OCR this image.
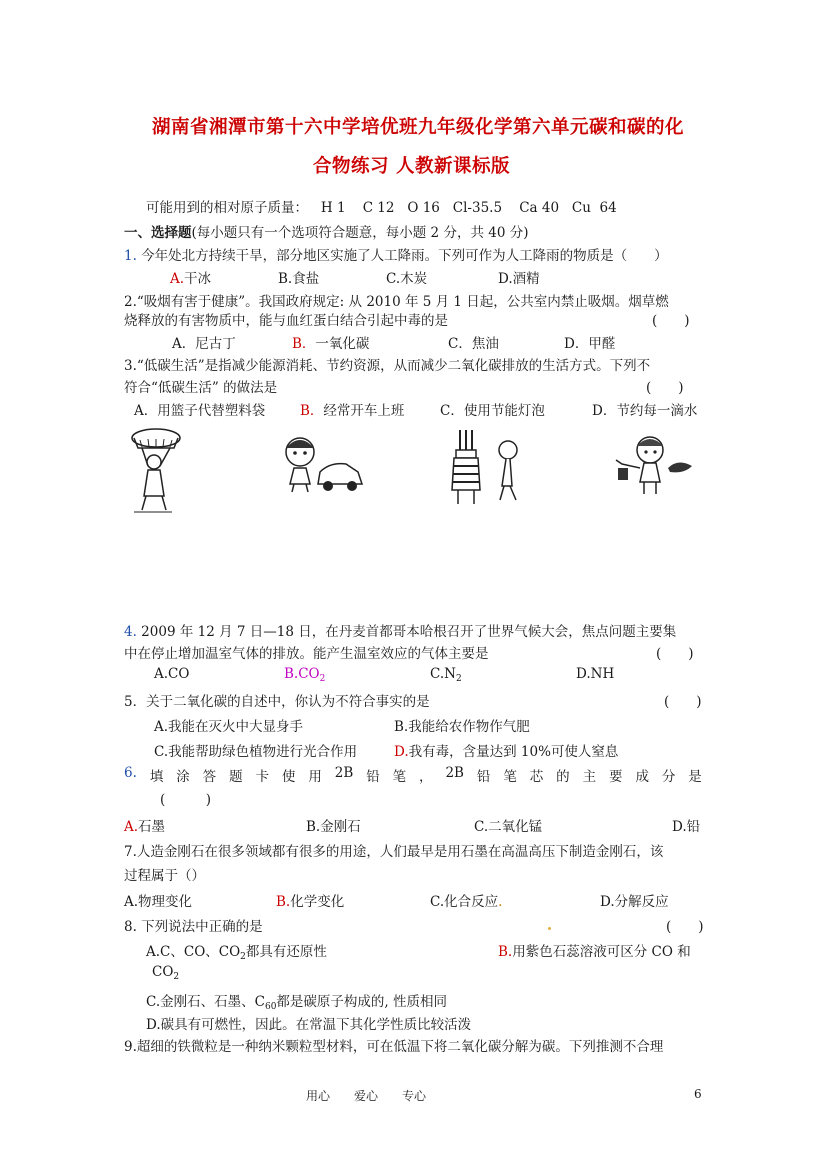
湖南省湘潭市第十六中学培优班九年级化学第六单元碳和碳的化
合物练习 人教新课标版
可能用到的相对原子质量：   H 1    C 12   O 16   Cl-35.5    Ca 40   Cu  64
一、选择题(每小题只有一个选项符合题意，每小题 2 分，共 40 分)
1. 今年处北方持续干旱，部分地区实施了人工降雨。下列可作为人工降雨的物质是（　　）
A.干冰	B.食盐	C.木炭	D.酒精
2.“吸烟有害于健康”。我国政府规定: 从 2010 年 5 月 1 日起，公共室内禁止吸烟。烟草燃
烧释放的有害物质中，能与血红蛋白结合引起中毒的是	(　　)
A．尼古丁	B．一氧化碳	C．焦油	D．甲醛
3.“低碳生活”是指减少能源消耗、节约资源，从而减少二氧化碳排放的生活方式。下列不
符合“低碳生活” 的做法是	(　　)
A．用篮子代替塑料袋	B．经常开车上班	C．使用节能灯泡	D．节约每一滴水
4. 2009 年 12 月 7 日—18 日，在丹麦首都哥本哈根召开了世界气候大会，焦点问题主要集
中在停止增加温室气体的排放。能产生温室效应的气体主要是	(　　)
A.CO	$B.CO_2$	$C.N_2$	D.NH
5．关于二氧化碳的自述中，你认为不符合事实的是	(　　)
A.我能在灭火中大显身手	B.我能给农作物作气肥
C.我能帮助绿色植物进行光合作用	D.我有毒，含量达到 10%可使人窒息
6. 填 涂 答 题 卡 使 用 2B 铅 笔 ， 2B 铅 笔 芯 的 主 要 成 分 是
(　　　)
A.石墨	B.金刚石	C.二氧化锰	D.铅
7.人造金刚石在很多领域都有很多的用途，人们最早是用石墨在高温高压下制造金刚石，该
过程属于（）
A.物理变化	B.化学变化	C.化合反应.	D.分解反应
8. 下列说法中正确的是	(　　)
A.C、CO、$CO_2$都具有还原性	B.用紫色石蕊溶液可区分 CO 和
$CO_2$
C.金刚石、石墨、$C_{60}$都是碳原子构成的, 性质相同
D.碳具有可燃性，因此。在常温下其化学性质比较活泼
9.超细的铁微粒是一种纳米颗粒型材料，可在低温下将二氧化碳分解为碳。下列推测不合理
用心　　爱心　　专心	6
